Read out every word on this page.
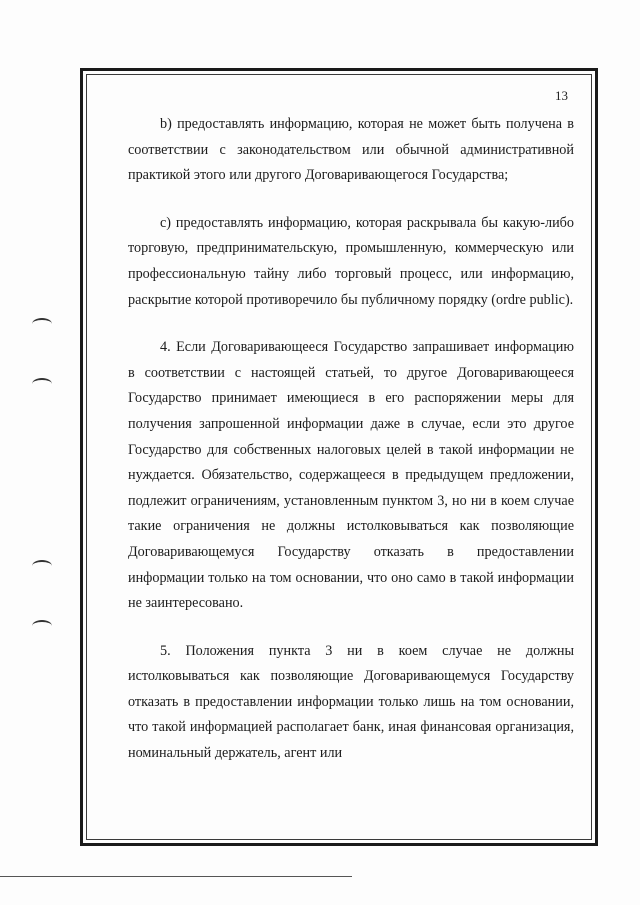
13

b) предоставлять информацию, которая не может быть получена в соответствии с законодательством или обычной административной практикой этого или другого Договаривающегося Государства;

c) предоставлять информацию, которая раскрывала бы какую-либо торговую, предпринимательскую, промышленную, коммерческую или профессиональную тайну либо торговый процесс, или информацию, раскрытие которой противоречило бы публичному порядку (ordre public).

4. Если Договаривающееся Государство запрашивает информацию в соответствии с настоящей статьей, то другое Договаривающееся Государство принимает имеющиеся в его распоряжении меры для получения запрошенной информации даже в случае, если это другое Государство для собственных налоговых целей в такой информации не нуждается. Обязательство, содержащееся в предыдущем предложении, подлежит ограничениям, установленным пунктом 3, но ни в коем случае такие ограничения не должны истолковываться как позволяющие Договаривающемуся Государству отказать в предоставлении информации только на том основании, что оно само в такой информации не заинтересовано.

5. Положения пункта 3 ни в коем случае не должны истолковываться как позволяющие Договаривающемуся Государству отказать в предоставлении информации только лишь на том основании, что такой информацией располагает банк, иная финансовая организация, номинальный держатель, агент или
